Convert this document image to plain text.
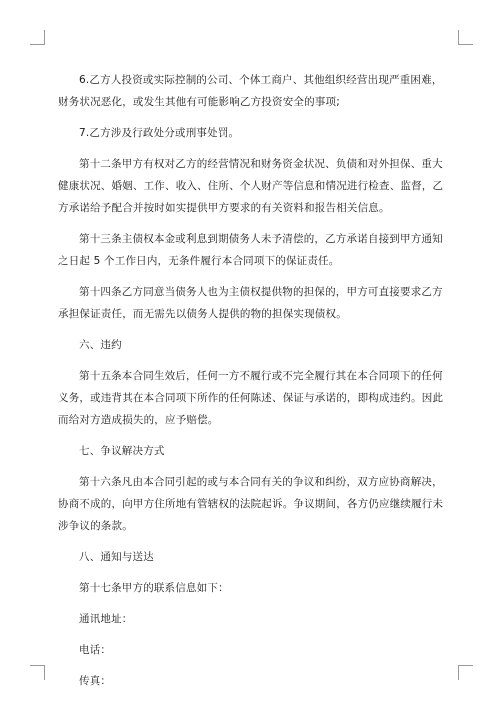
6.乙方人投资或实际控制的公司、个体工商户、其他组织经营出现严重困难，财务状况恶化，或发生其他有可能影响乙方投资安全的事项;

7.乙方涉及行政处分或刑事处罚。

第十二条甲方有权对乙方的经营情况和财务资金状况、负债和对外担保、重大健康状况、婚姻、工作、收入、住所、个人财产等信息和情况进行检查、监督，乙方承诺给予配合并按时如实提供甲方要求的有关资料和报告相关信息。

第十三条主债权本金或利息到期债务人未予清偿的，乙方承诺自接到甲方通知之日起 5 个工作日内，无条件履行本合同项下的保证责任。

第十四条乙方同意当债务人也为主债权提供物的担保的，甲方可直接要求乙方承担保证责任，而无需先以债务人提供的物的担保实现债权。

六、违约

第十五条本合同生效后，任何一方不履行或不完全履行其在本合同项下的任何义务，或违背其在本合同项下所作的任何陈述、保证与承诺的，即构成违约。因此而给对方造成损失的，应予赔偿。

七、争议解决方式

第十六条凡由本合同引起的或与本合同有关的争议和纠纷，双方应协商解决，协商不成的，向甲方住所地有管辖权的法院起诉。争议期间，各方仍应继续履行未涉争议的条款。

八、通知与送达

第十七条甲方的联系信息如下：

通讯地址：

电话：

传真：
